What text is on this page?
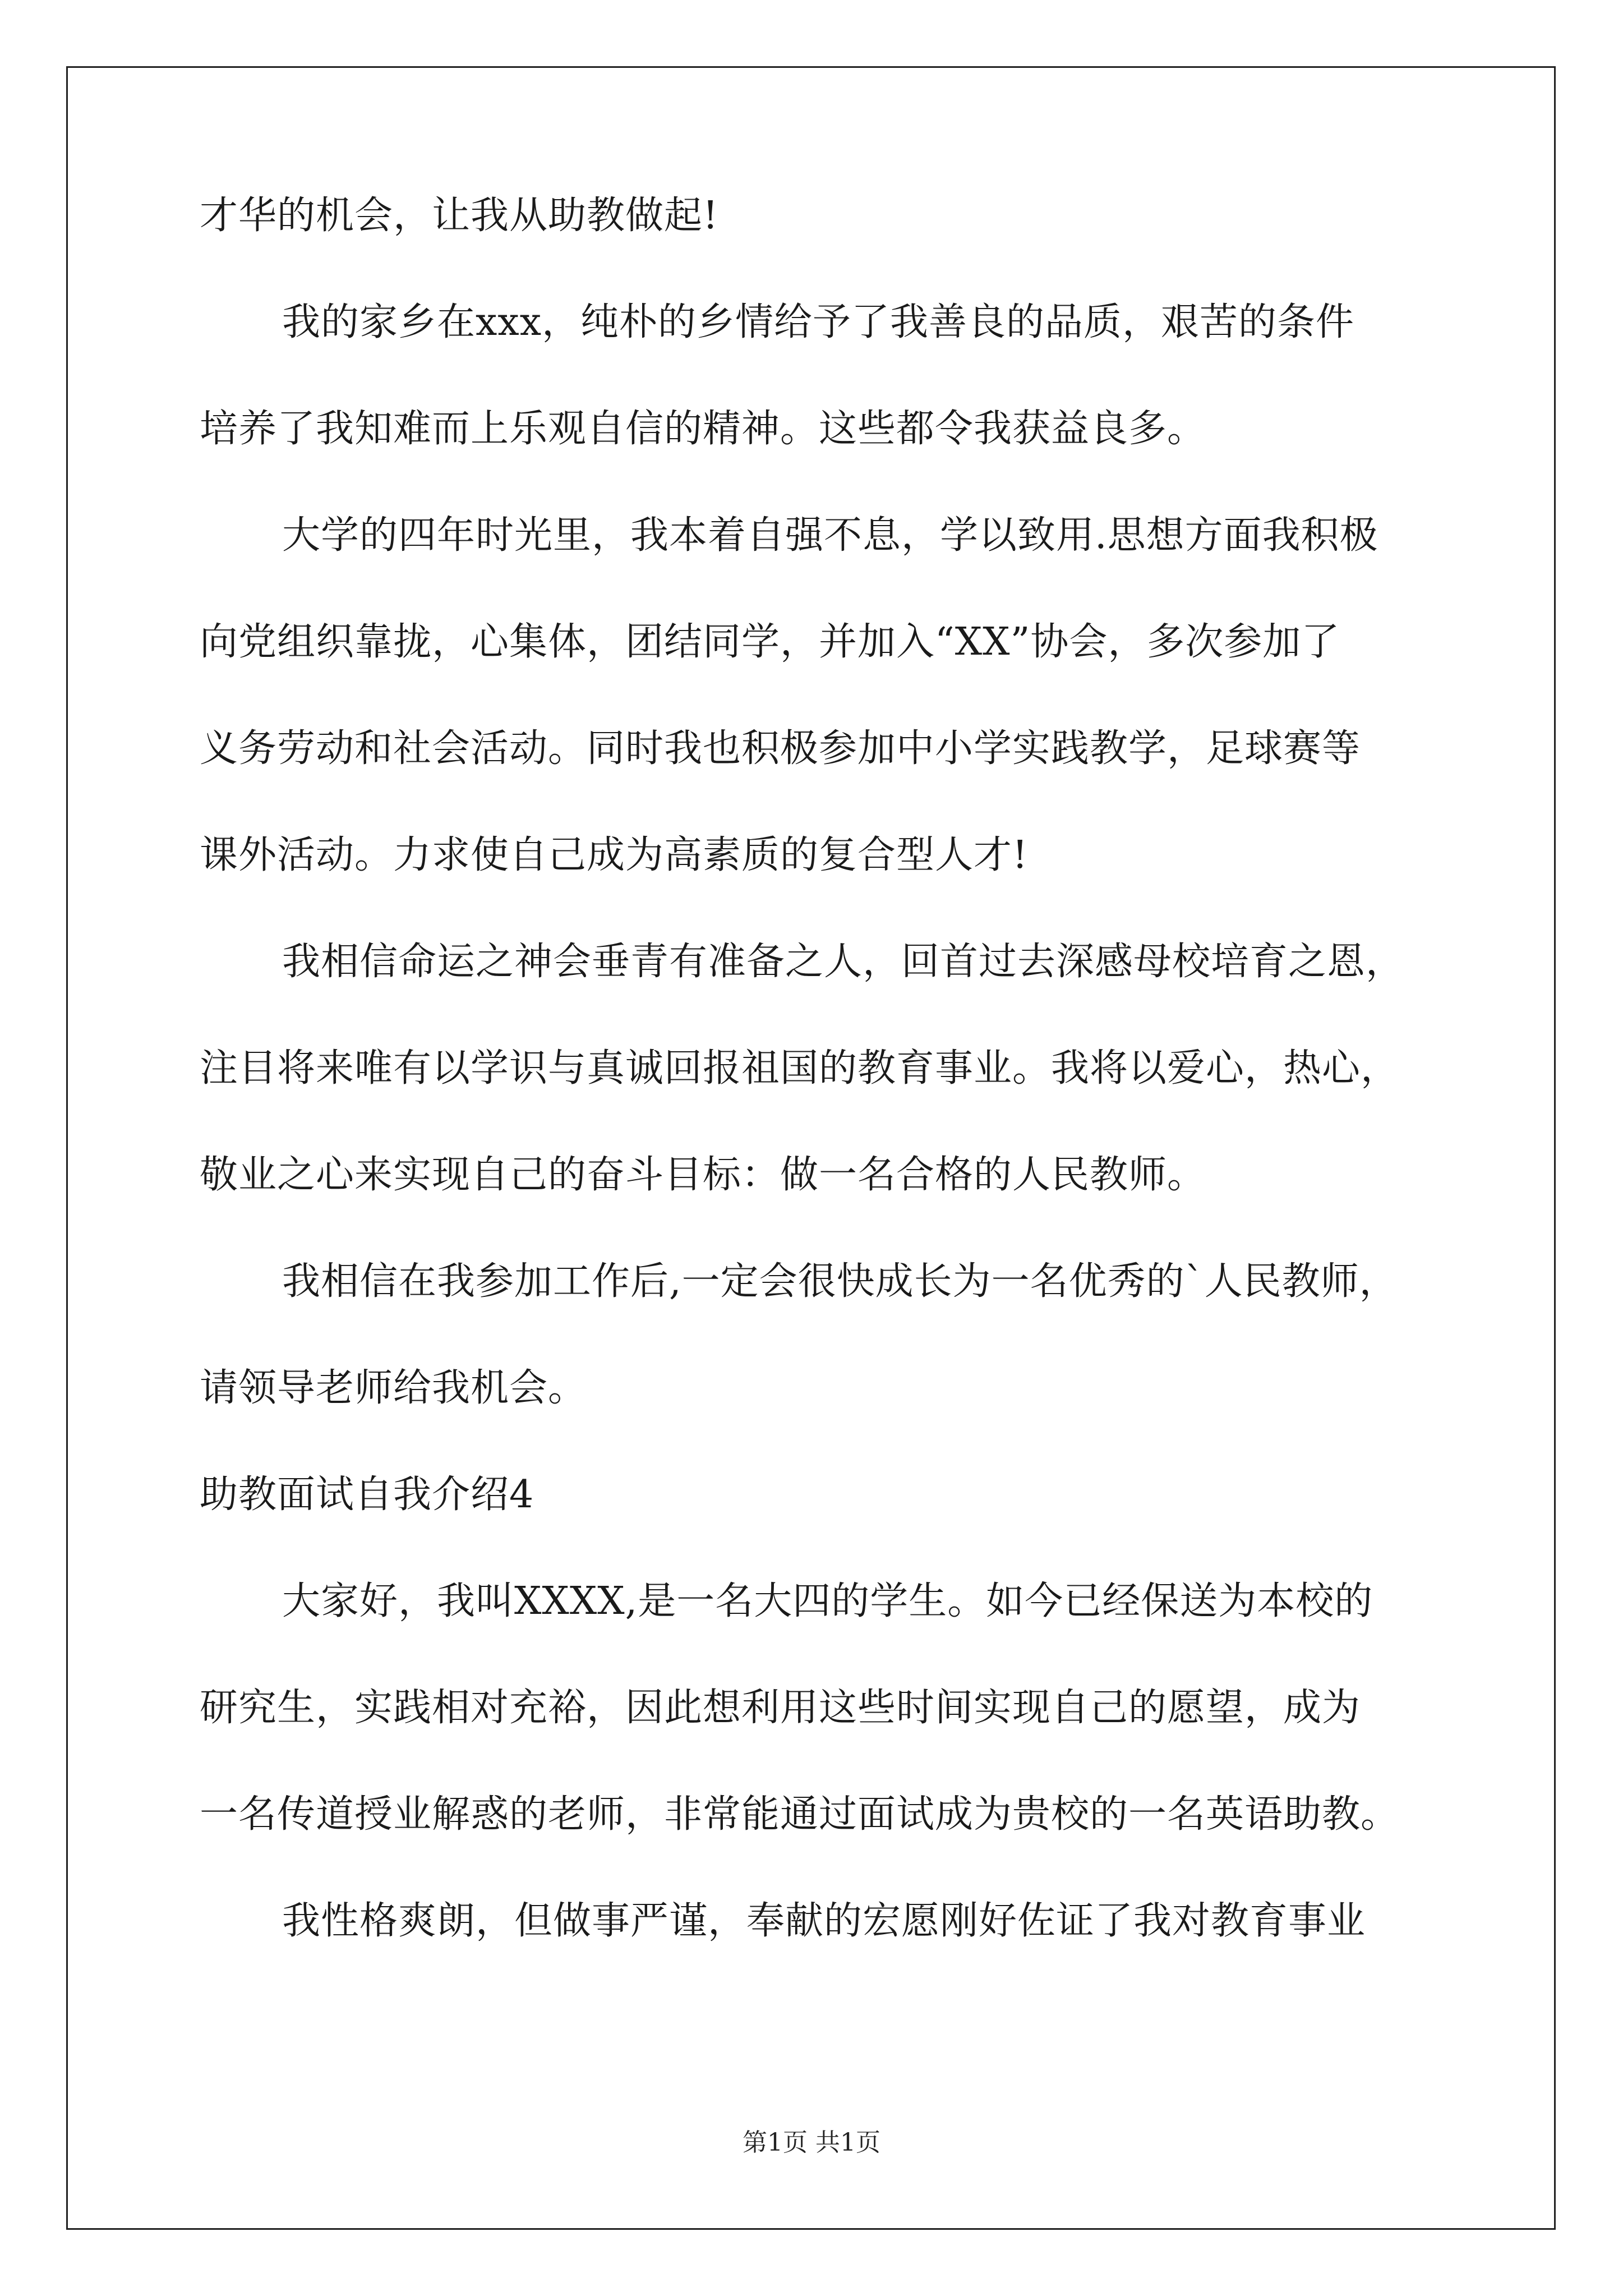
才华的机会，让我从助教做起!
我的家乡在xxx，纯朴的乡情给予了我善良的品质，艰苦的条件
培养了我知难而上乐观自信的精神。这些都令我获益良多。
大学的四年时光里，我本着自强不息，学以致用.思想方面我积极
向党组织靠拢，心集体，团结同学，并加入“XX”协会，多次参加了
义务劳动和社会活动。同时我也积极参加中小学实践教学，足球赛等
课外活动。力求使自己成为高素质的复合型人才!
我相信命运之神会垂青有准备之人，回首过去深感母校培育之恩，
注目将来唯有以学识与真诚回报祖国的教育事业。我将以爱心，热心，
敬业之心来实现自己的奋斗目标：做一名合格的人民教师。
我相信在我参加工作后,一定会很快成长为一名优秀的`人民教师，
请领导老师给我机会。
助教面试自我介绍4
大家好，我叫XXXX,是一名大四的学生。如今已经保送为本校的
研究生，实践相对充裕，因此想利用这些时间实现自己的愿望，成为
一名传道授业解惑的老师，非常能通过面试成为贵校的一名英语助教。
我性格爽朗，但做事严谨，奉献的宏愿刚好佐证了我对教育事业
第1页 共1页
